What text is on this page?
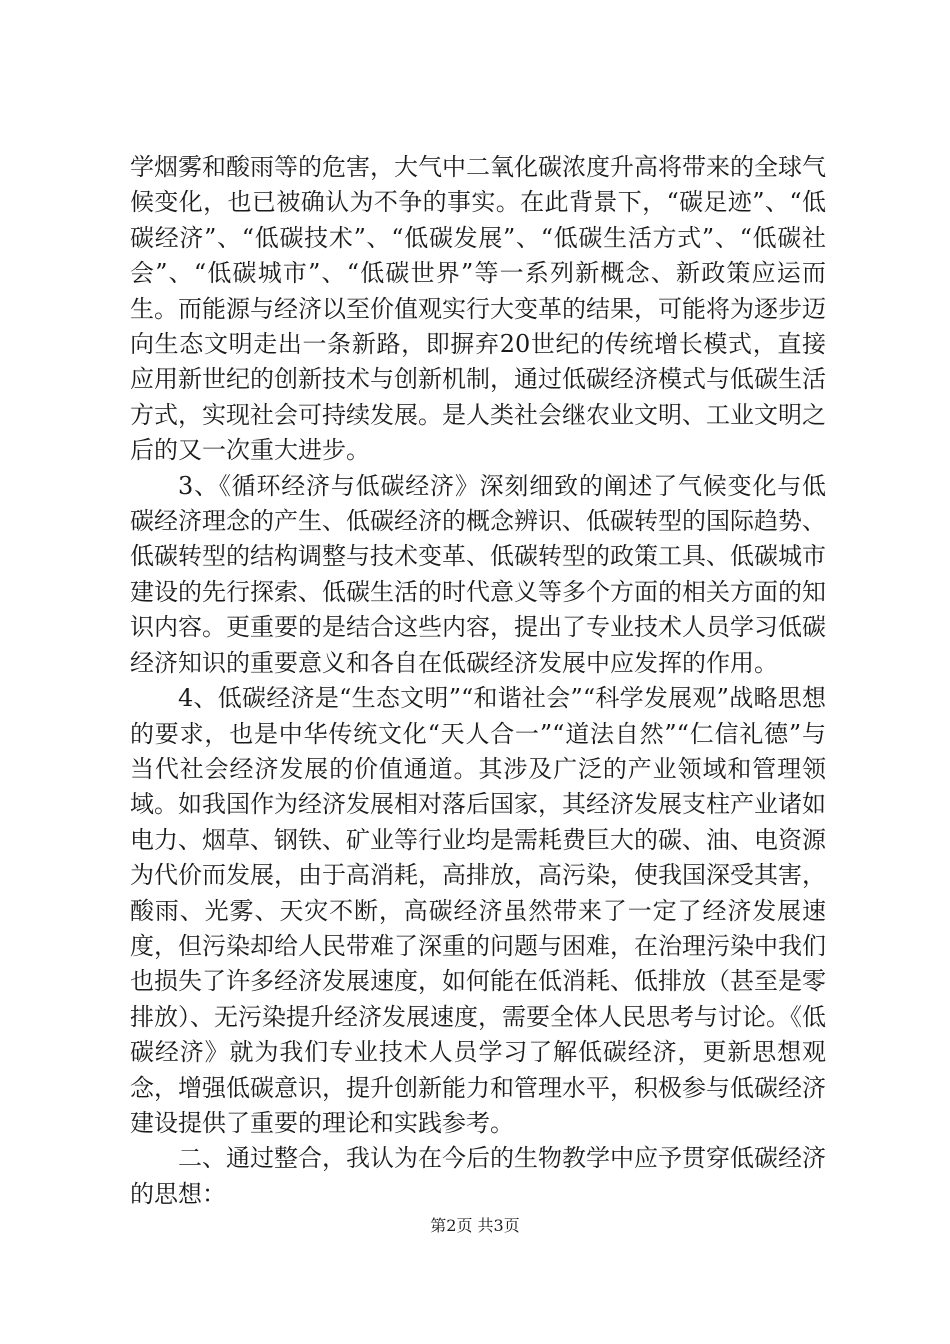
学烟雾和酸雨等的危害，大气中二氧化碳浓度升高将带来的全球气候变化，也已被确认为不争的事实。在此背景下，“碳足迹”、“低碳经济”、“低碳技术”、“低碳发展”、“低碳生活方式”、“低碳社会”、“低碳城市”、“低碳世界”等一系列新概念、新政策应运而生。而能源与经济以至价值观实行大变革的结果，可能将为逐步迈向生态文明走出一条新路，即摒弃20世纪的传统增长模式，直接应用新世纪的创新技术与创新机制，通过低碳经济模式与低碳生活方式，实现社会可持续发展。是人类社会继农业文明、工业文明之后的又一次重大进步。

3、《循环经济与低碳经济》深刻细致的阐述了气候变化与低碳经济理念的产生、低碳经济的概念辨识、低碳转型的国际趋势、低碳转型的结构调整与技术变革、低碳转型的政策工具、低碳城市建设的先行探索、低碳生活的时代意义等多个方面的相关方面的知识内容。更重要的是结合这些内容，提出了专业技术人员学习低碳经济知识的重要意义和各自在低碳经济发展中应发挥的作用。

4、低碳经济是“生态文明”“和谐社会”“科学发展观”战略思想的要求，也是中华传统文化“天人合一”“道法自然”“仁信礼德”与当代社会经济发展的价值通道。其涉及广泛的产业领域和管理领域。如我国作为经济发展相对落后国家，其经济发展支柱产业诸如电力、烟草、钢铁、矿业等行业均是需耗费巨大的碳、油、电资源为代价而发展，由于高消耗，高排放，高污染，使我国深受其害，酸雨、光雾、天灾不断，高碳经济虽然带来了一定了经济发展速度，但污染却给人民带难了深重的问题与困难，在治理污染中我们也损失了许多经济发展速度，如何能在低消耗、低排放（甚至是零排放）、无污染提升经济发展速度，需要全体人民思考与讨论。《低碳经济》就为我们专业技术人员学习了解低碳经济，更新思想观念，增强低碳意识，提升创新能力和管理水平，积极参与低碳经济建设提供了重要的理论和实践参考。

二、通过整合，我认为在今后的生物教学中应予贯穿低碳经济的思想：

第2页 共3页
